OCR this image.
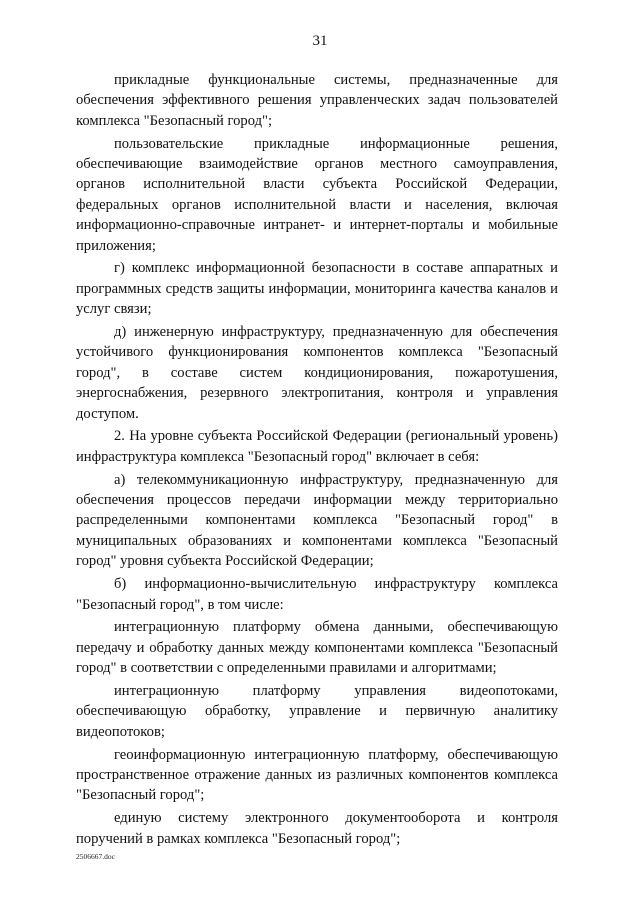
31

прикладные функциональные системы, предназначенные для обеспечения эффективного решения управленческих задач пользователей комплекса "Безопасный город";

пользовательские прикладные информационные решения, обеспечивающие взаимодействие органов местного самоуправления, органов исполнительной власти субъекта Российской Федерации, федеральных органов исполнительной власти и населения, включая информационно-справочные интранет- и интернет-порталы и мобильные приложения;

г) комплекс информационной безопасности в составе аппаратных и программных средств защиты информации, мониторинга качества каналов и услуг связи;

д) инженерную инфраструктуру, предназначенную для обеспечения устойчивого функционирования компонентов комплекса "Безопасный город", в составе систем кондиционирования, пожаротушения, энергоснабжения, резервного электропитания, контроля и управления доступом.

2. На уровне субъекта Российской Федерации (региональный уровень) инфраструктура комплекса "Безопасный город" включает в себя:

а) телекоммуникационную инфраструктуру, предназначенную для обеспечения процессов передачи информации между территориально распределенными компонентами комплекса "Безопасный город" в муниципальных образованиях и компонентами комплекса "Безопасный город" уровня субъекта Российской Федерации;

б) информационно-вычислительную инфраструктуру комплекса "Безопасный город", в том числе:

интеграционную платформу обмена данными, обеспечивающую передачу и обработку данных между компонентами комплекса "Безопасный город" в соответствии с определенными правилами и алгоритмами;

интеграционную платформу управления видеопотоками, обеспечивающую обработку, управление и первичную аналитику видеопотоков;

геоинформационную интеграционную платформу, обеспечивающую пространственное отражение данных из различных компонентов комплекса "Безопасный город";

единую систему электронного документооборота и контроля поручений в рамках комплекса "Безопасный город";

2506667.doc
